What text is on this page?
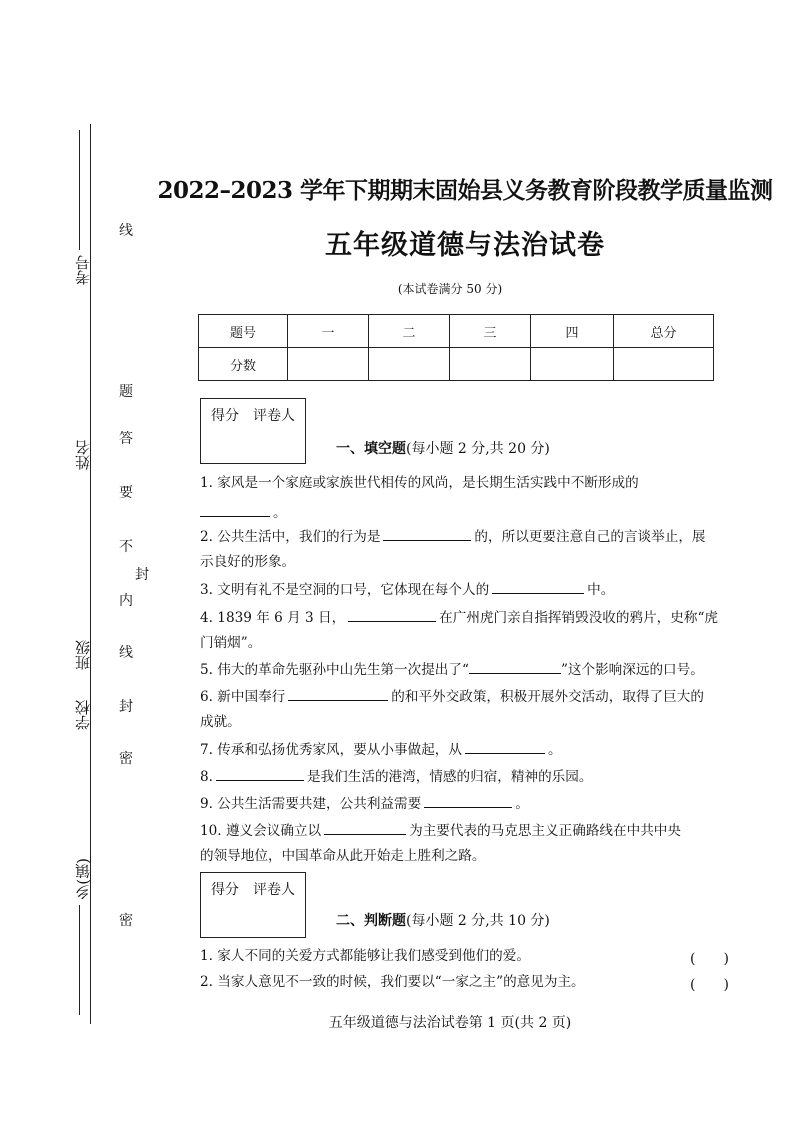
考号
姓名
班级
学校
乡(镇)
线
题
答
要
不
封
内
线
封
密
密
2022–2023 学年下期期末固始县义务教育阶段教学质量监测
五年级道德与法治试卷
(本试卷满分 50 分)
题号	一	二	三	四	总分
分数					
得分　评卷人
一、填空题(每小题 2 分,共 20 分)
1. 家风是一个家庭或家族世代相传的风尚，是长期生活实践中不断形成的
。
2. 公共生活中，我们的行为是	的，所以更要注意自己的言谈举止，展
示良好的形象。
3. 文明有礼不是空洞的口号，它体现在每个人的	中。
4. 1839 年 6 月 3 日，	在广州虎门亲自指挥销毁没收的鸦片，史称“虎
门销烟”。
5. 伟大的革命先驱孙中山先生第一次提出了“	”这个影响深远的口号。
6. 新中国奉行	的和平外交政策，积极开展外交活动，取得了巨大的
成就。
7. 传承和弘扬优秀家风，要从小事做起，从	。
8.	是我们生活的港湾，情感的归宿，精神的乐园。
9. 公共生活需要共建，公共利益需要	。
10. 遵义会议确立以	为主要代表的马克思主义正确路线在中共中央
的领导地位，中国革命从此开始走上胜利之路。
得分　评卷人
二、判断题(每小题 2 分,共 10 分)
1. 家人不同的关爱方式都能够让我们感受到他们的爱。	(　　)
2. 当家人意见不一致的时候，我们要以“一家之主”的意见为主。	(　　)
五年级道德与法治试卷第 1 页(共 2 页)
